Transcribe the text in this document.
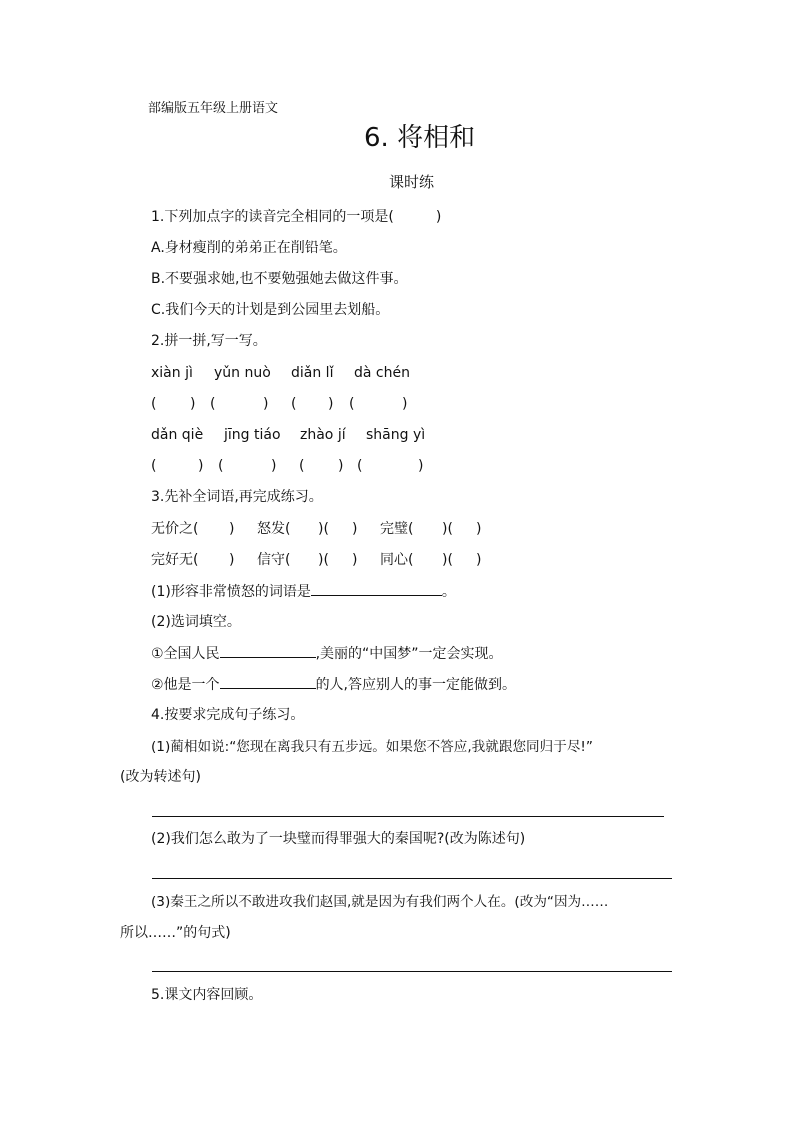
部编版五年级上册语文
6. 将相和
课时练
1.下列加点字的读音完全相同的一项是(　　　)
A.身材瘦削的弟弟正在削铅笔。
B.不要强求她,也不要勉强她去做这件事。
C.我们今天的计划是到公园里去划船。
2.拼一拼,写一写。
xiàn jì yǔn nuò diǎn lǐ dà chén
( ) (	) ( ) (	)
dǎn qiè jīng tiáo zhào jí shāng yì
(	) (	) ( ) (	)
3.先补全词语,再完成练习。
无价之( ) 怒发( )( ) 完璧( )( )
完好无( ) 信守( )( ) 同心( )( )
(1)形容非常愤怒的词语是	。
(2)选词填空。
①全国人民	,美丽的“中国梦”一定会实现。
②他是一个	的人,答应别人的事一定能做到。
4.按要求完成句子练习。
(1)蔺相如说:“您现在离我只有五步远。如果您不答应,我就跟您同归于尽!”
(改为转述句)
(2)我们怎么敢为了一块璧而得罪强大的秦国呢?(改为陈述句)
(3)秦王之所以不敢进攻我们赵国,就是因为有我们两个人在。(改为“因为……
所以……”的句式)
5.课文内容回顾。
